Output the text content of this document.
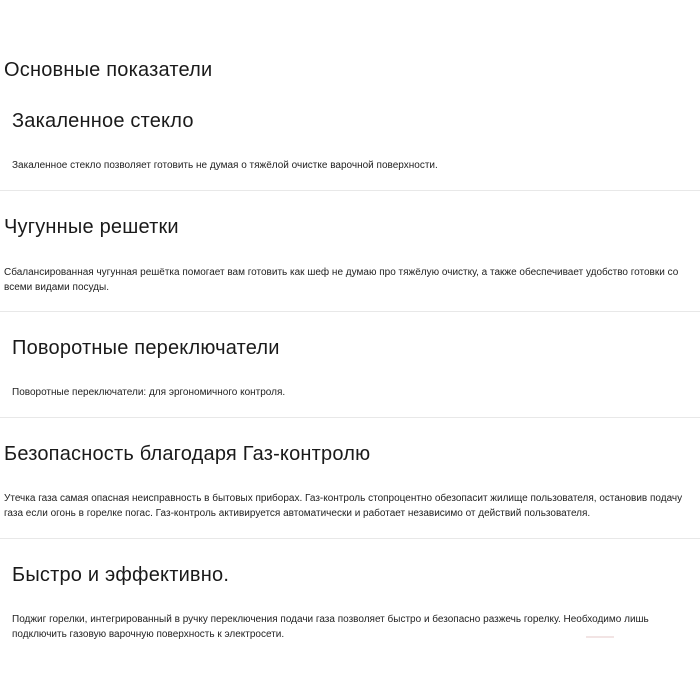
Основные показатели
Закаленное стекло

Закаленное стекло позволяет готовить не думая о тяжёлой очистке варочной поверхности.

Чугунные решетки

Сбалансированная чугунная решётка помогает вам готовить как шеф не думаю про тяжёлую очистку, а также обеспечивает удобство готовки со всеми видами посуды.

Поворотные переключатели

Поворотные переключатели: для эргономичного контроля.

Безопасность благодаря Газ-контролю

Утечка газа самая опасная неисправность в бытовых приборах. Газ-контроль стопроцентно обезопасит жилище пользователя, остановив подачу газа если огонь в горелке погас. Газ-контроль активируется автоматически и работает независимо от действий пользователя.

Быстро и эффективно.

Поджиг горелки, интегрированный в ручку переключения подачи газа позволяет быстро и безопасно разжечь горелку. Необходимо лишь подключить газовую варочную поверхность к электросети.
